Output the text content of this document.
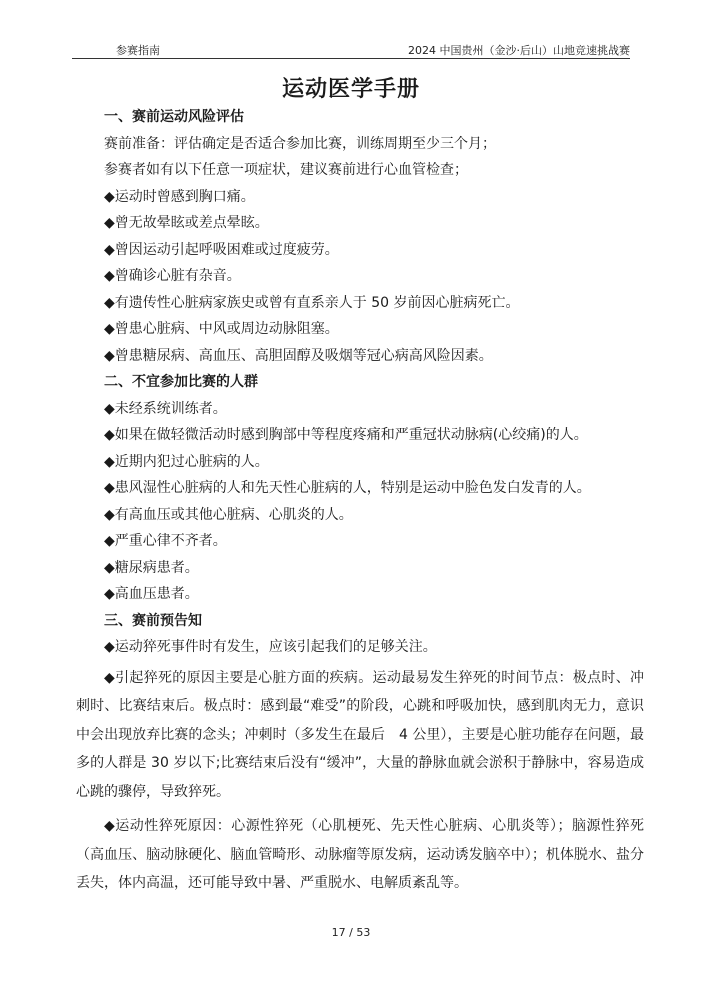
参赛指南	2024 中国贵州（金沙·后山）山地竞速挑战赛
运动医学手册
一、赛前运动风险评估
赛前准备：评估确定是否适合参加比赛，训练周期至少三个月；
参赛者如有以下任意一项症状，建议赛前进行心血管检查；
◆运动时曾感到胸口痛。
◆曾无故晕眩或差点晕眩。
◆曾因运动引起呼吸困难或过度疲劳。
◆曾确诊心脏有杂音。
◆有遗传性心脏病家族史或曾有直系亲人于 50 岁前因心脏病死亡。
◆曾患心脏病、中风或周边动脉阻塞。
◆曾患糖尿病、高血压、高胆固醇及吸烟等冠心病高风险因素。
二、不宜参加比赛的人群
◆未经系统训练者。
◆如果在做轻微活动时感到胸部中等程度疼痛和严重冠状动脉病(心绞痛)的人。
◆近期内犯过心脏病的人。
◆患风湿性心脏病的人和先天性心脏病的人，特别是运动中脸色发白发青的人。
◆有高血压或其他心脏病、心肌炎的人。
◆严重心律不齐者。
◆糖尿病患者。
◆高血压患者。
三、赛前预告知
◆运动猝死事件时有发生，应该引起我们的足够关注。
◆引起猝死的原因主要是心脏方面的疾病。运动最易发生猝死的时间节点：极点时、冲刺时、比赛结束后。极点时：感到最“难受”的阶段，心跳和呼吸加快，感到肌肉无力，意识中会出现放弃比赛的念头；冲刺时（多发生在最后　4 公里），主要是心脏功能存在问题，最多的人群是 30 岁以下;比赛结束后没有“缓冲”，大量的静脉血就会淤积于静脉中，容易造成心跳的骤停，导致猝死。
◆运动性猝死原因：心源性猝死（心肌梗死、先天性心脏病、心肌炎等）；脑源性猝死（高血压、脑动脉硬化、脑血管畸形、动脉瘤等原发病，运动诱发脑卒中）；机体脱水、盐分丢失，体内高温，还可能导致中暑、严重脱水、电解质紊乱等。
17 / 53
